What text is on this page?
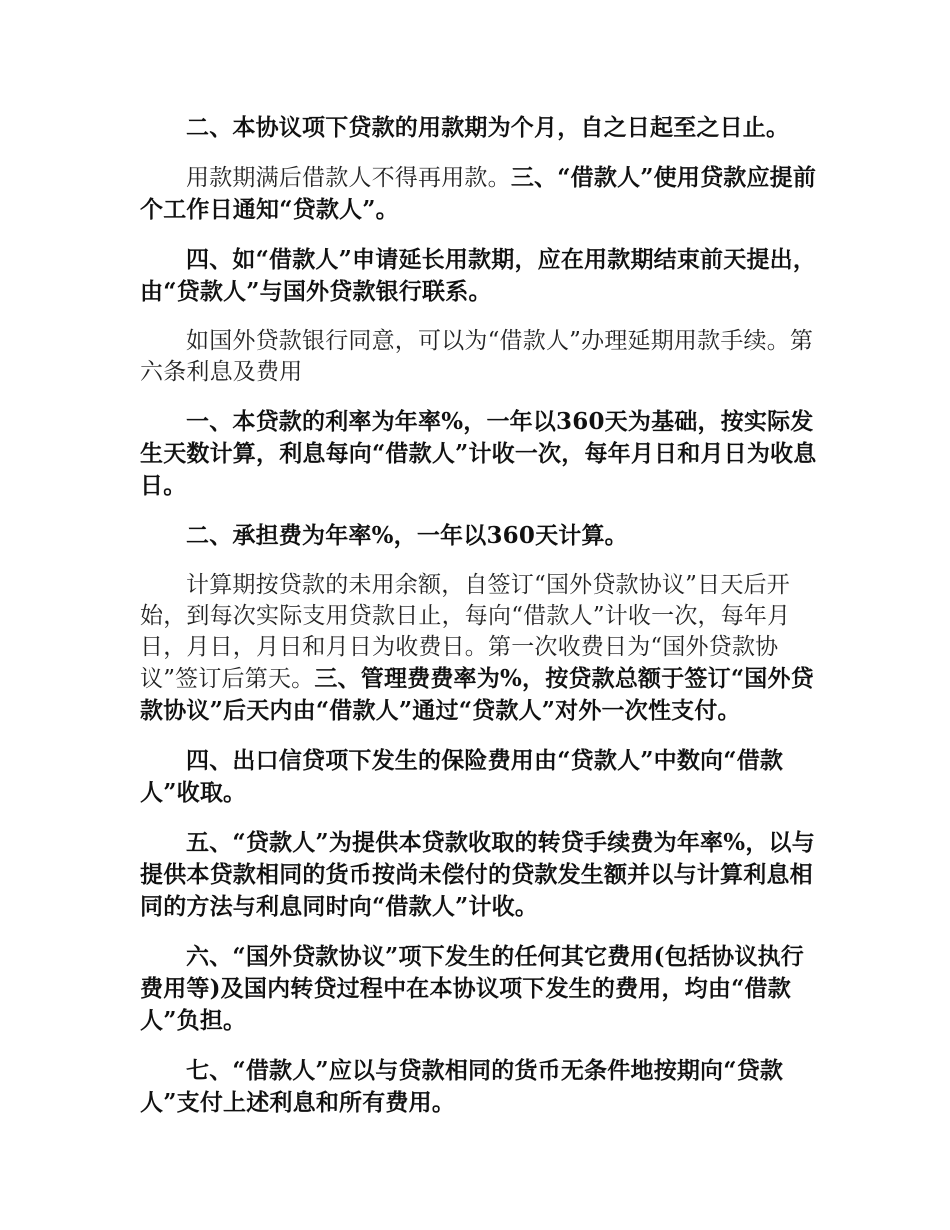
二、本协议项下贷款的用款期为个月，自之日起至之日止。

用款期满后借款人不得再用款。三、“借款人”使用贷款应提前个工作日通知“贷款人”。

四、如“借款人”申请延长用款期，应在用款期结束前天提出，由“贷款人”与国外贷款银行联系。

如国外贷款银行同意，可以为“借款人”办理延期用款手续。第六条利息及费用

一、本贷款的利率为年率%，一年以360天为基础，按实际发生天数计算，利息每向“借款人”计收一次，每年月日和月日为收息日。

二、承担费为年率%，一年以360天计算。

计算期按贷款的未用余额，自签订“国外贷款协议”日天后开始，到每次实际支用贷款日止，每向“借款人”计收一次，每年月日，月日，月日和月日为收费日。第一次收费日为“国外贷款协议”签订后第天。三、管理费费率为%，按贷款总额于签订“国外贷款协议”后天内由“借款人”通过“贷款人”对外一次性支付。

四、出口信贷项下发生的保险费用由“贷款人”中数向“借款人”收取。

五、“贷款人”为提供本贷款收取的转贷手续费为年率%，以与提供本贷款相同的货币按尚未偿付的贷款发生额并以与计算利息相同的方法与利息同时向“借款人”计收。

六、“国外贷款协议”项下发生的任何其它费用(包括协议执行费用等)及国内转贷过程中在本协议项下发生的费用，均由“借款人”负担。

七、“借款人”应以与贷款相同的货币无条件地按期向“贷款人”支付上述利息和所有费用。
